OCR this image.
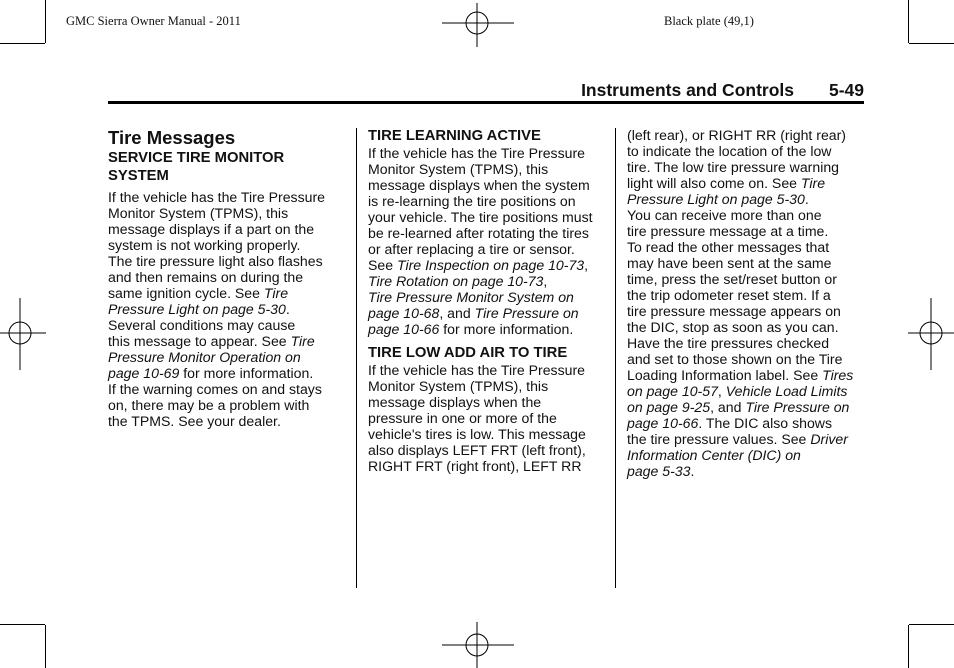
GMC Sierra Owner Manual - 2011	Black plate (49,1)
Instruments and Controls 5-49

Tire Messages

SERVICE TIRE MONITOR
SYSTEM

If the vehicle has the Tire Pressure

Monitor System (TPMS), this

message displays if a part on the

system is not working properly.

The tire pressure light also flashes

and then remains on during the

same ignition cycle. See Tire

Pressure Light on page 5-30.

Several conditions may cause

this message to appear. See Tire

Pressure Monitor Operation on

page 10-69 for more information.

If the warning comes on and stays

on, there may be a problem with

the TPMS. See your dealer.

TIRE LEARNING ACTIVE

If the vehicle has the Tire Pressure

Monitor System (TPMS), this

message displays when the system

is re-learning the tire positions on

your vehicle. The tire positions must

be re-learned after rotating the tires

or after replacing a tire or sensor.

See Tire Inspection on page 10-73,

Tire Rotation on page 10-73,

Tire Pressure Monitor System on

page 10-68, and Tire Pressure on

page 10-66 for more information.

TIRE LOW ADD AIR TO TIRE

If the vehicle has the Tire Pressure

Monitor System (TPMS), this

message displays when the

pressure in one or more of the

vehicle's tires is low. This message

also displays LEFT FRT (left front),

RIGHT FRT (right front), LEFT RR

(left rear), or RIGHT RR (right rear)

to indicate the location of the low

tire. The low tire pressure warning

light will also come on. See Tire

Pressure Light on page 5-30.

You can receive more than one

tire pressure message at a time.

To read the other messages that

may have been sent at the same

time, press the set/reset button or

the trip odometer reset stem. If a

tire pressure message appears on

the DIC, stop as soon as you can.

Have the tire pressures checked

and set to those shown on the Tire

Loading Information label. See Tires

on page 10-57, Vehicle Load Limits

on page 9-25, and Tire Pressure on

page 10-66. The DIC also shows

the tire pressure values. See Driver

Information Center (DIC) on

page 5-33.
